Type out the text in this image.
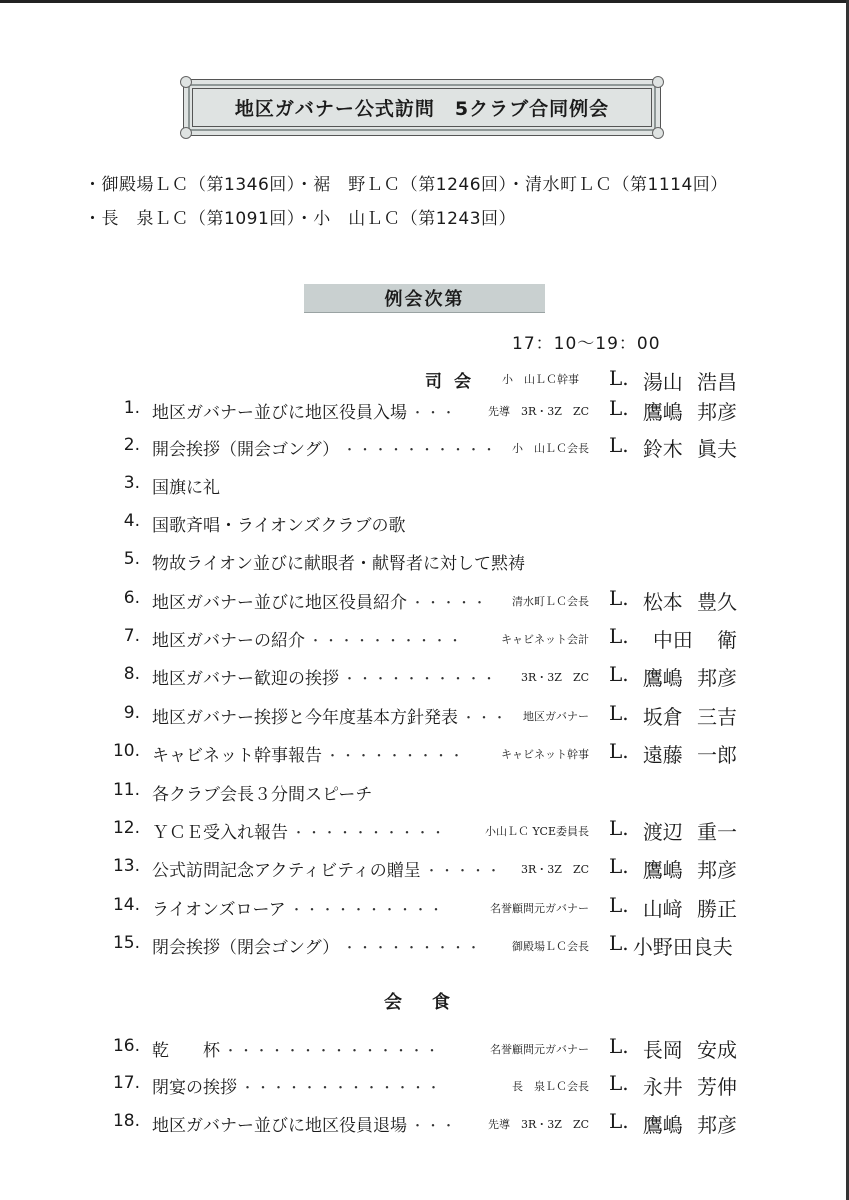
地区ガバナー公式訪問　5クラブ合同例会
・御殿場ＬＣ（第1346回）・裾　野ＬＣ（第1246回）・清水町ＬＣ（第1114回）
・長　泉ＬＣ（第1091回）・小　山ＬＣ（第1243回）
例会次第
17：10～19：00
司会 小　山ＬＣ幹事 L. 湯山 浩昌
1. 地区ガバナー並びに地区役員入場 ・・・	先導　3R・3Z　ZC L. 鷹嶋 邦彦
2. 開会挨拶（開会ゴング） ・・・・・・・・・・	小　山ＬＣ会長 L. 鈴木 眞夫
3. 国旗に礼
4. 国歌斉唱・ライオンズクラブの歌
5. 物故ライオン並びに献眼者・献腎者に対して黙祷
6. 地区ガバナー並びに地区役員紹介 ・・・・・	清水町ＬＣ会長 L. 松本 豊久
7. 地区ガバナーの紹介 ・・・・・・・・・・	キャビネット会計 L. 中田 衛
8. 地区ガバナー歓迎の挨拶 ・・・・・・・・・・	3R・3Z　ZC L. 鷹嶋 邦彦
9. 地区ガバナー挨拶と今年度基本方針発表 ・・・	地区ガバナー L. 坂倉 三吉
10. キャビネット幹事報告 ・・・・・・・・・	キャビネット幹事 L. 遠藤 一郎
11. 各クラブ会長３分間スピーチ
12. ＹＣＥ受入れ報告 ・・・・・・・・・・	小山ＬＣ YCE委員長 L. 渡辺 重一
13. 公式訪問記念アクティビティの贈呈 ・・・・・	3R・3Z　ZC L. 鷹嶋 邦彦
14. ライオンズローア ・・・・・・・・・・	名誉顧問元ガバナー L. 山﨑 勝正
15. 閉会挨拶（閉会ゴング） ・・・・・・・・・	御殿場ＬＣ会長 L. 小野田良夫
会食
16. 乾　　杯 ・・・・・・・・・・・・・・	名誉顧問元ガバナー L. 長岡 安成
17. 閉宴の挨拶 ・・・・・・・・・・・・・	長　泉ＬＣ会長 L. 永井 芳伸
18. 地区ガバナー並びに地区役員退場 ・・・	先導　3R・3Z　ZC L. 鷹嶋 邦彦
